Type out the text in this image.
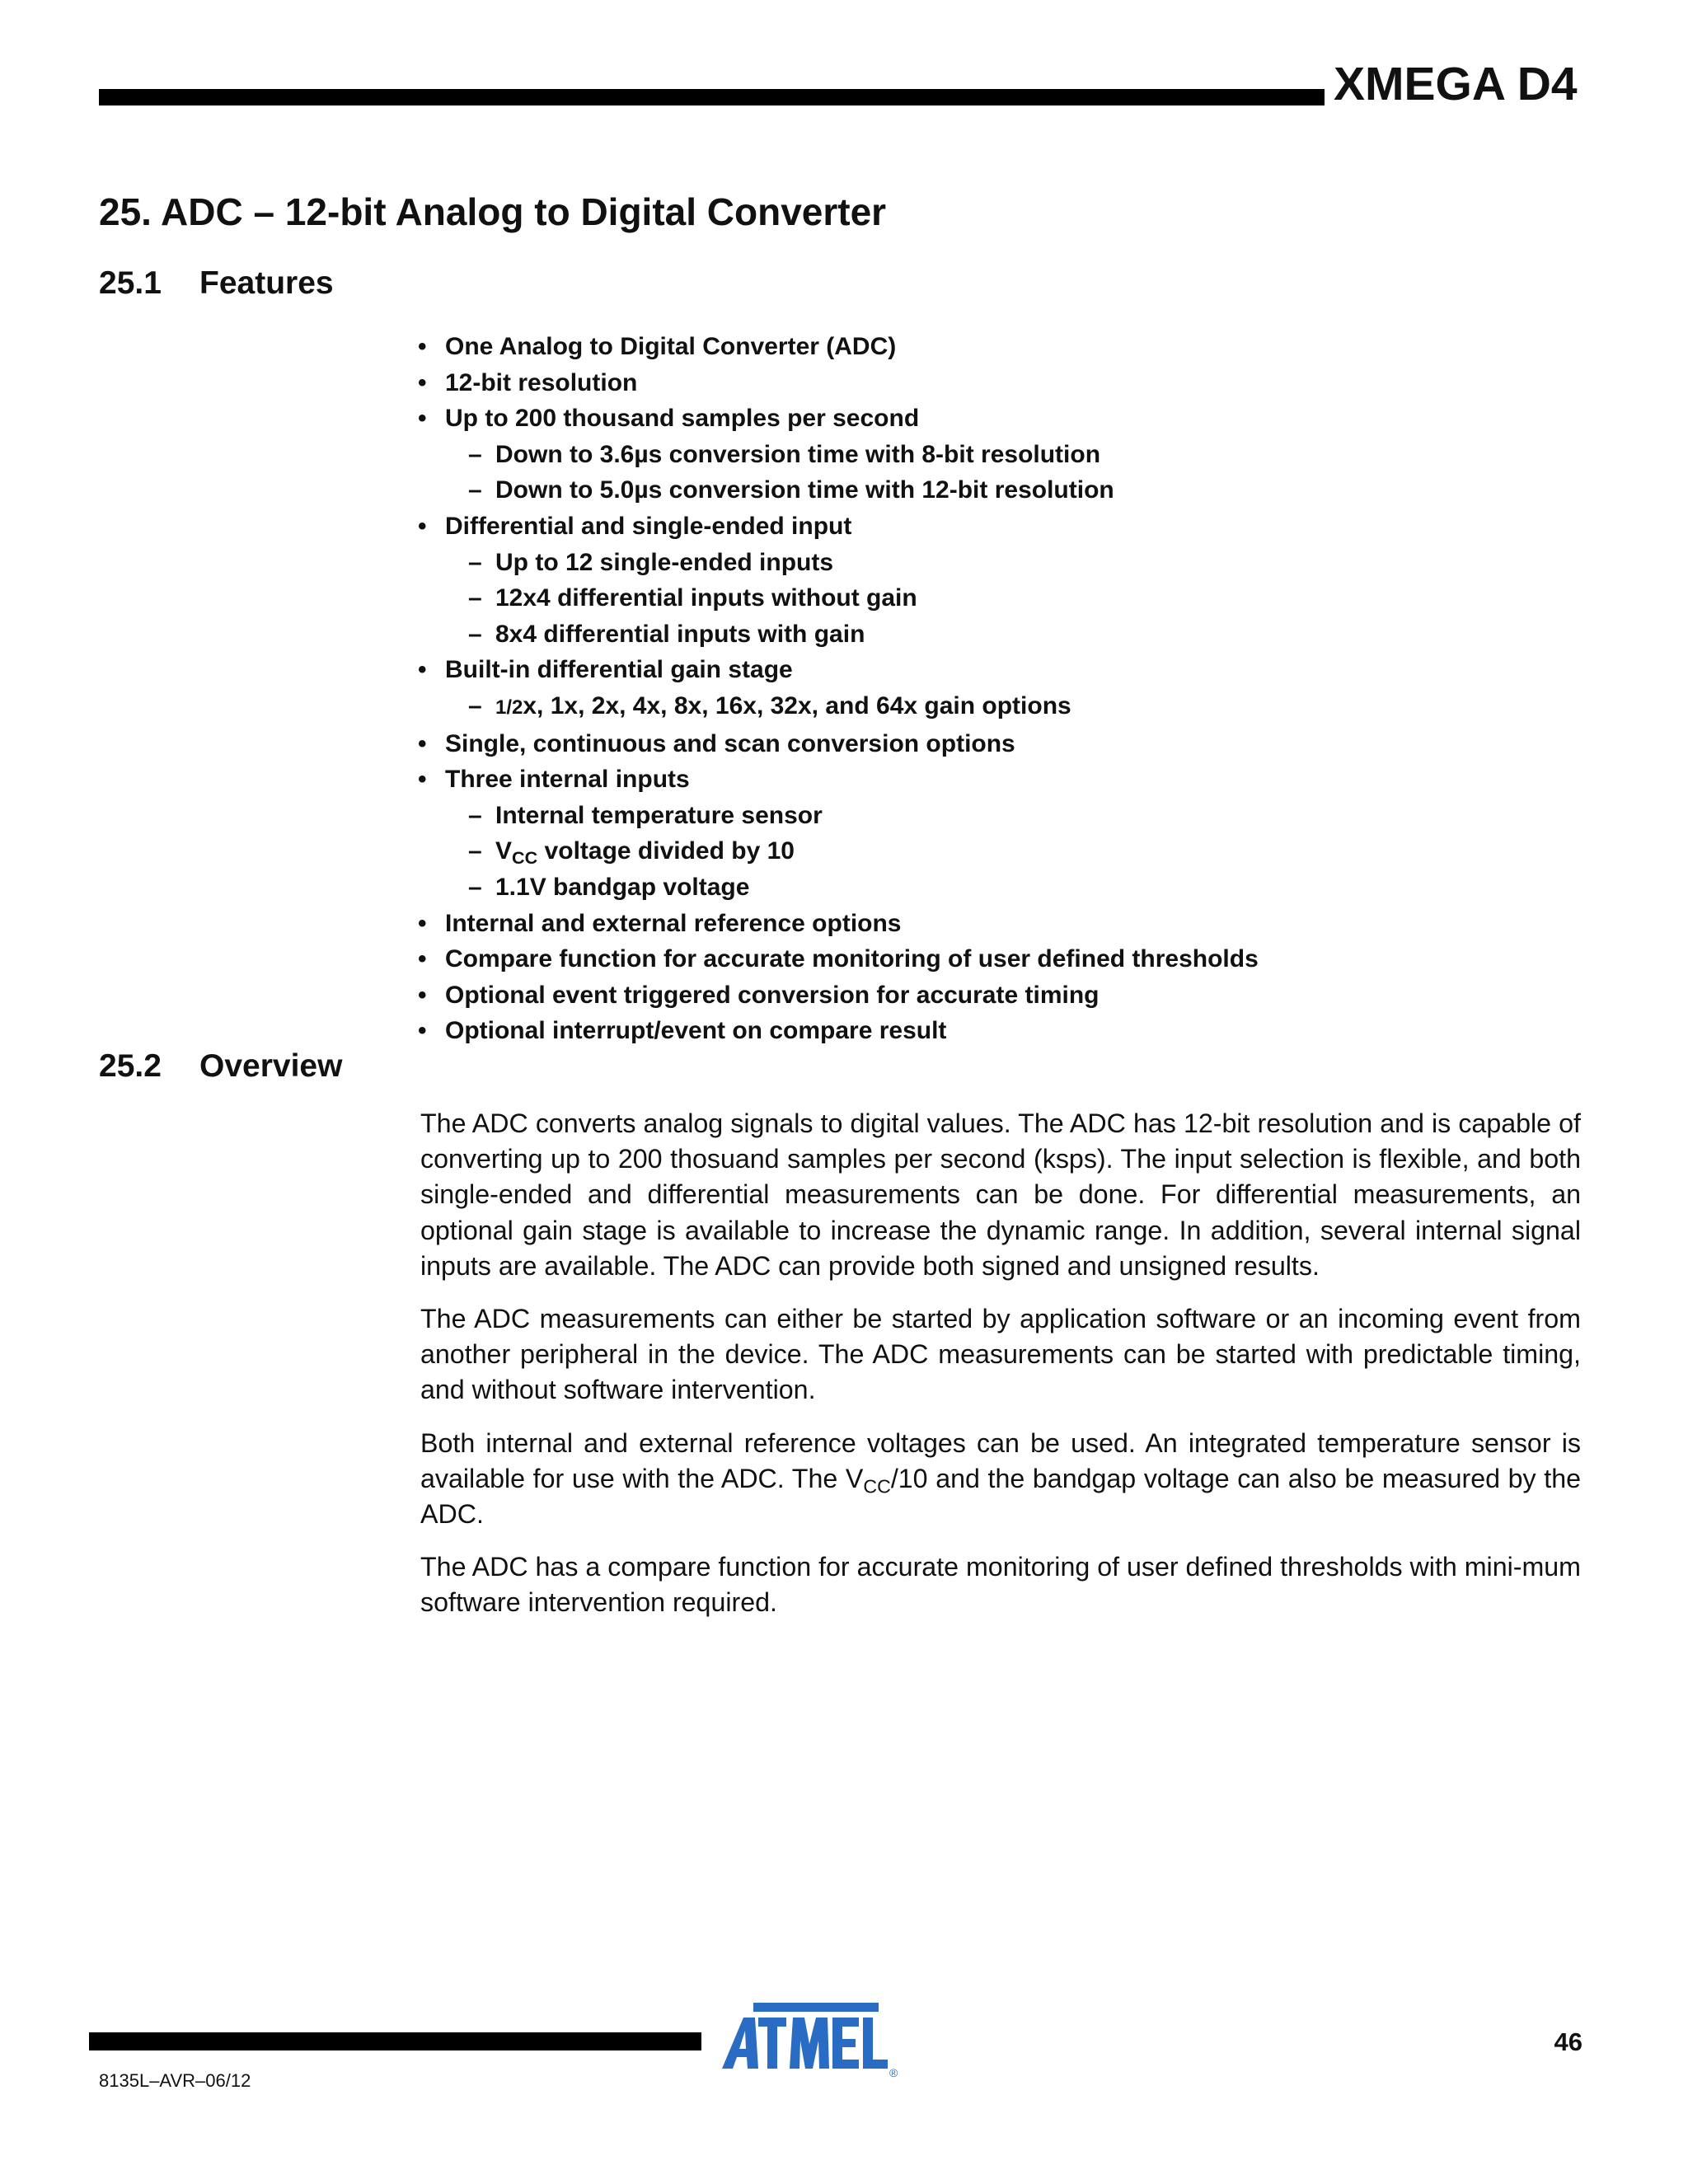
XMEGA D4
25. ADC – 12-bit Analog to Digital Converter
25.1 Features
• One Analog to Digital Converter (ADC)
• 12-bit resolution
• Up to 200 thousand samples per second
– Down to 3.6µs conversion time with 8-bit resolution
– Down to 5.0µs conversion time with 12-bit resolution
• Differential and single-ended input
– Up to 12 single-ended inputs
– 12x4 differential inputs without gain
– 8x4 differential inputs with gain
• Built-in differential gain stage
– 1/2x, 1x, 2x, 4x, 8x, 16x, 32x, and 64x gain options
• Single, continuous and scan conversion options
• Three internal inputs
– Internal temperature sensor
– $V_{CC}$ voltage divided by 10
– 1.1V bandgap voltage
• Internal and external reference options
• Compare function for accurate monitoring of user defined thresholds
• Optional event triggered conversion for accurate timing
• Optional interrupt/event on compare result
25.2 Overview

The ADC converts analog signals to digital values. The ADC has 12-bit resolution and is capable of converting up to 200 thosuand samples per second (ksps). The input selection is flexible, and both single-ended and differential measurements can be done. For differential measurements, an optional gain stage is available to increase the dynamic range. In addition, several internal signal inputs are available. The ADC can provide both signed and unsigned results.

The ADC measurements can either be started by application software or an incoming event from another peripheral in the device. The ADC measurements can be started with predictable timing, and without software intervention.

Both internal and external reference voltages can be used. An integrated temperature sensor is available for use with the ADC. The $V_{CC}/10$ and the bandgap voltage can also be measured by the ADC.

The ADC has a compare function for accurate monitoring of user defined thresholds with mini-mum software intervention required.

®
46
8135L–AVR–06/12
